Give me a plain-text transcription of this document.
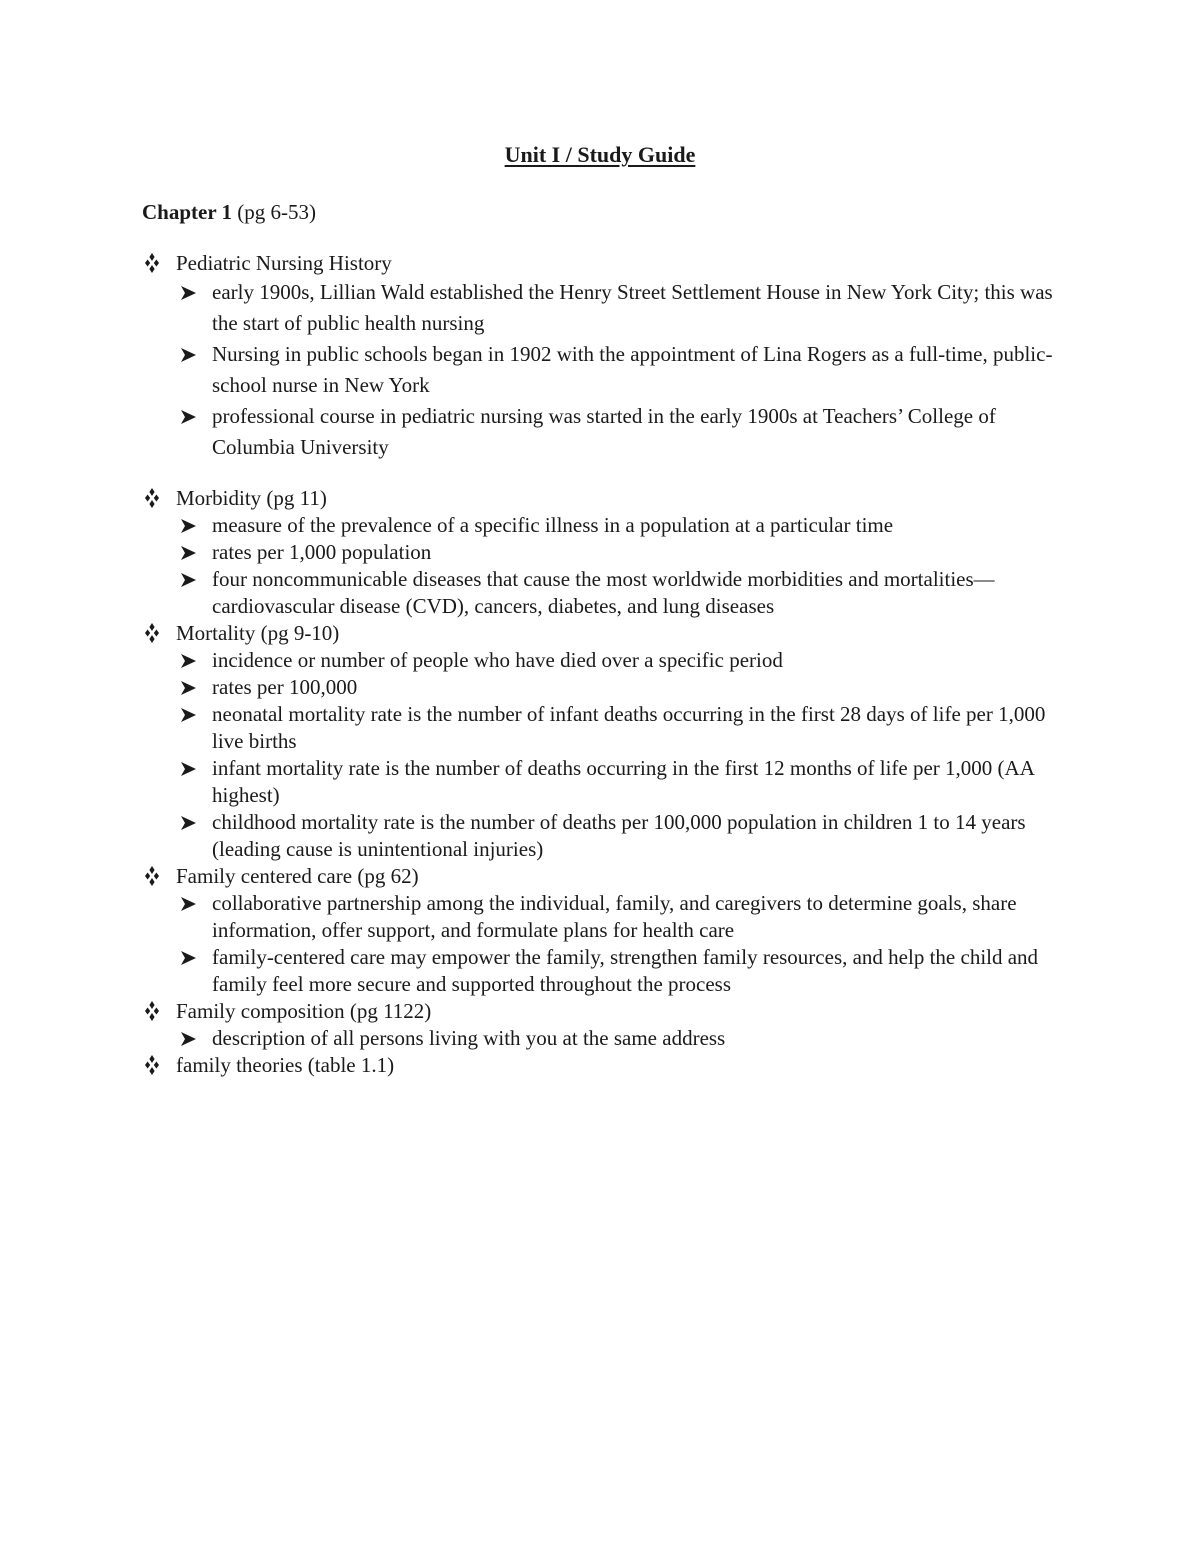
Unit I / Study Guide
Chapter 1 (pg 6-53)
Pediatric Nursing History
early 1900s, Lillian Wald established the Henry Street Settlement House in New York City; this was the start of public health nursing
Nursing in public schools began in 1902 with the appointment of Lina Rogers as a full-time, public-school nurse in New York
professional course in pediatric nursing was started in the early 1900s at Teachers’ College of Columbia University
Morbidity (pg 11)
measure of the prevalence of a specific illness in a population at a particular time
rates per 1,000 population
four noncommunicable diseases that cause the most worldwide morbidities and mortalities—cardiovascular disease (CVD), cancers, diabetes, and lung diseases
Mortality (pg 9-10)
incidence or number of people who have died over a specific period
rates per 100,000
neonatal mortality rate is the number of infant deaths occurring in the first 28 days of life per 1,000 live births
infant mortality rate is the number of deaths occurring in the first 12 months of life per 1,000 (AA highest)
childhood mortality rate is the number of deaths per 100,000 population in children 1 to 14 years (leading cause is unintentional injuries)
Family centered care (pg 62)
collaborative partnership among the individual, family, and caregivers to determine goals, share information, offer support, and formulate plans for health care
family-centered care may empower the family, strengthen family resources, and help the child and family feel more secure and supported throughout the process
Family composition (pg 1122)
description of all persons living with you at the same address
family theories (table 1.1)
